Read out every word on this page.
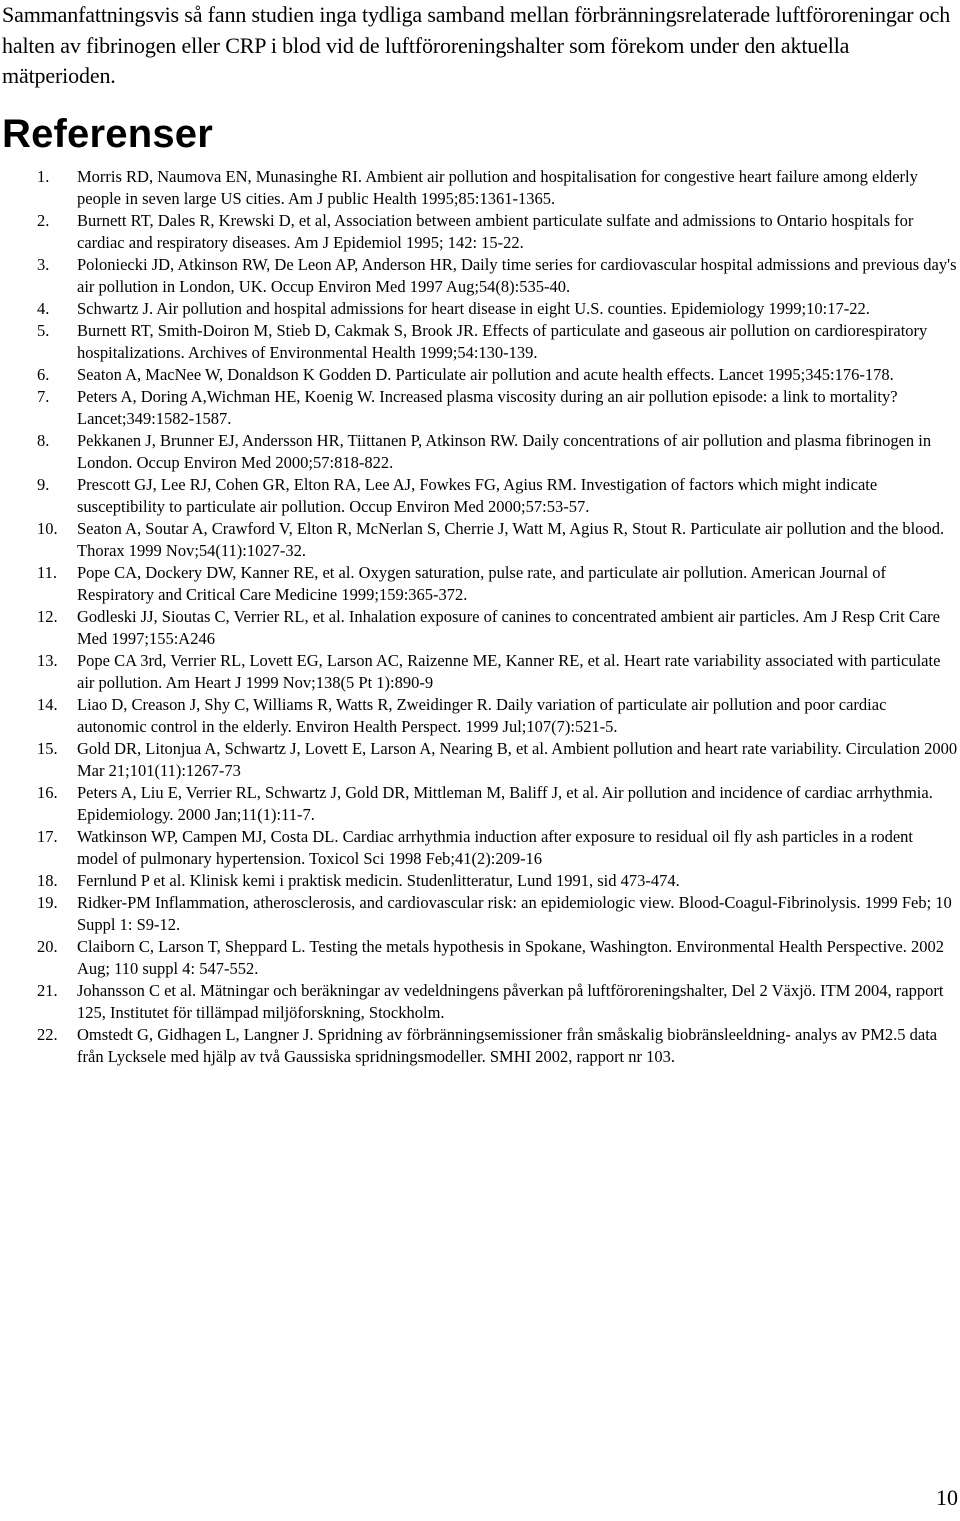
Sammanfattningsvis så fann studien inga tydliga samband mellan förbränningsrelaterade luftföroreningar och halten av fibrinogen eller CRP i blod vid de luftföroreningshalter som förekom under den aktuella mätperioden.
Referenser
1.	Morris RD, Naumova EN, Munasinghe RI. Ambient air pollution and hospitalisation for congestive heart failure among elderly people in seven large US cities. Am J public Health 1995;85:1361-1365.
2.	Burnett RT, Dales R, Krewski D, et al, Association between ambient particulate sulfate and admissions to Ontario hospitals for cardiac and respiratory diseases. Am J Epidemiol 1995; 142: 15-22.
3.	Poloniecki JD, Atkinson RW, De Leon AP, Anderson HR, Daily time series for cardiovascular hospital admissions and previous day's air pollution in London, UK. Occup Environ Med 1997 Aug;54(8):535-40.
4.	Schwartz J. Air pollution and hospital admissions for heart disease in eight U.S. counties. Epidemiology 1999;10:17-22.
5.	Burnett RT, Smith-Doiron M, Stieb D, Cakmak S, Brook JR. Effects of particulate and gaseous air pollution on cardiorespiratory hospitalizations. Archives of Environmental Health 1999;54:130-139.
6.	Seaton A, MacNee W, Donaldson K Godden D. Particulate air pollution and acute health effects. Lancet 1995;345:176-178.
7.	Peters A, Doring A,Wichman HE, Koenig W. Increased plasma viscosity during an air pollution episode: a link to mortality? Lancet;349:1582-1587.
8.	Pekkanen J, Brunner EJ, Andersson HR, Tiittanen P, Atkinson RW. Daily concentrations of air pollution and plasma fibrinogen in London. Occup Environ Med 2000;57:818-822.
9.	Prescott GJ, Lee RJ, Cohen GR, Elton RA, Lee AJ, Fowkes FG, Agius RM. Investigation of factors which might indicate susceptibility to particulate air pollution. Occup Environ Med 2000;57:53-57.
10.	Seaton A, Soutar A, Crawford V, Elton R, McNerlan S, Cherrie J, Watt M, Agius R, Stout R. Particulate air pollution and the blood. Thorax 1999 Nov;54(11):1027-32.
11.	Pope CA, Dockery DW, Kanner RE, et al. Oxygen saturation, pulse rate, and particulate air pollution. American Journal of Respiratory and Critical Care Medicine 1999;159:365-372.
12.	Godleski JJ, Sioutas C, Verrier RL, et al. Inhalation exposure of canines to concentrated ambient air particles. Am J Resp Crit Care Med 1997;155:A246
13.	Pope CA 3rd, Verrier RL, Lovett EG, Larson AC, Raizenne ME, Kanner RE, et al. Heart rate variability associated with particulate air pollution. Am Heart J 1999 Nov;138(5 Pt 1):890-9
14.	Liao D, Creason J, Shy C, Williams R, Watts R, Zweidinger R. Daily variation of particulate air pollution and poor cardiac autonomic control in the elderly. Environ Health Perspect. 1999 Jul;107(7):521-5.
15.	Gold DR, Litonjua A, Schwartz J, Lovett E, Larson A, Nearing B, et al. Ambient pollution and heart rate variability. Circulation 2000 Mar 21;101(11):1267-73
16.	Peters A, Liu E, Verrier RL, Schwartz J, Gold DR, Mittleman M, Baliff J, et al. Air pollution and incidence of cardiac arrhythmia. Epidemiology. 2000 Jan;11(1):11-7.
17.	Watkinson WP, Campen MJ, Costa DL. Cardiac arrhythmia induction after exposure to residual oil fly ash particles in a rodent model of pulmonary hypertension. Toxicol Sci 1998 Feb;41(2):209-16
18.	Fernlund P et al. Klinisk kemi i praktisk medicin. Studenlitteratur, Lund 1991, sid 473-474.
19.	Ridker-PM Inflammation, atherosclerosis, and cardiovascular risk: an epidemiologic view. Blood-Coagul-Fibrinolysis. 1999 Feb; 10 Suppl 1: S9-12.
20.	Claiborn C, Larson T, Sheppard L. Testing the metals hypothesis in Spokane, Washington. Environmental Health Perspective. 2002 Aug; 110 suppl 4: 547-552.
21.	Johansson C et al. Mätningar och beräkningar av vedeldningens påverkan på luftföroreningshalter, Del 2 Växjö. ITM 2004, rapport 125, Institutet för tillämpad miljöforskning, Stockholm.
22.	Omstedt G, Gidhagen L, Langner J. Spridning av förbränningsemissioner från småskalig biobränsleeldning- analys av PM2.5 data från Lycksele med hjälp av två Gaussiska spridningsmodeller. SMHI 2002, rapport nr 103.
10
